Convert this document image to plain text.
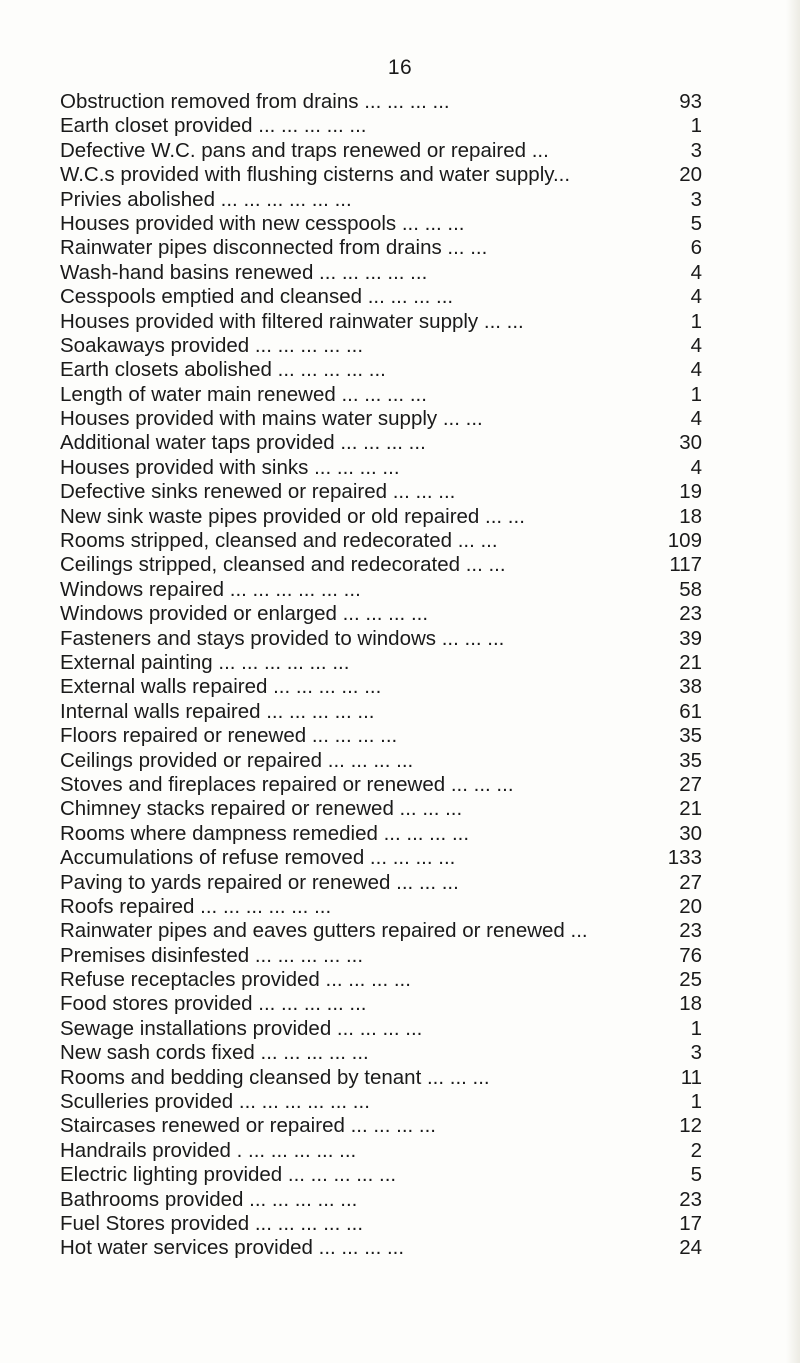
16
Obstruction removed from drains ... ... ... ...	93
Earth closet provided ... ... ... ... ...	1
Defective W.C. pans and traps renewed or repaired ...	3
W.C.s provided with flushing cisterns and water supply...	20
Privies abolished ... ... ... ... ... ...	3
Houses provided with new cesspools ... ... ...	5
Rainwater pipes disconnected from drains ... ...	6
Wash-hand basins renewed ... ... ... ... ...	4
Cesspools emptied and cleansed ... ... ... ...	4
Houses provided with filtered rainwater supply ... ...	1
Soakaways provided ... ... ... ... ...	4
Earth closets abolished ... ... ... ... ...	4
Length of water main renewed ... ... ... ...	1
Houses provided with mains water supply ... ...	4
Additional water taps provided ... ... ... ...	30
Houses provided with sinks ... ... ... ...	4
Defective sinks renewed or repaired ... ... ...	19
New sink waste pipes provided or old repaired ... ...	18
Rooms stripped, cleansed and redecorated ... ...	109
Ceilings stripped, cleansed and redecorated ... ...	117
Windows repaired ... ... ... ... ... ...	58
Windows provided or enlarged ... ... ... ...	23
Fasteners and stays provided to windows ... ... ...	39
External painting ... ... ... ... ... ...	21
External walls repaired ... ... ... ... ...	38
Internal walls repaired ... ... ... ... ...	61
Floors repaired or renewed ... ... ... ...	35
Ceilings provided or repaired ... ... ... ...	35
Stoves and fireplaces repaired or renewed ... ... ...	27
Chimney stacks repaired or renewed ... ... ...	21
Rooms where dampness remedied ... ... ... ...	30
Accumulations of refuse removed ... ... ... ...	133
Paving to yards repaired or renewed ... ... ...	27
Roofs repaired ... ... ... ... ... ...	20
Rainwater pipes and eaves gutters repaired or renewed ...	23
Premises disinfested ... ... ... ... ...	76
Refuse receptacles provided ... ... ... ...	25
Food stores provided ... ... ... ... ...	18
Sewage installations provided ... ... ... ...	1
New sash cords fixed ... ... ... ... ...	3
Rooms and bedding cleansed by tenant ... ... ...	11
Sculleries provided ... ... ... ... ... ...	1
Staircases renewed or repaired ... ... ... ...	12
Handrails provided . ... ... ... ... ...	2
Electric lighting provided ... ... ... ... ...	5
Bathrooms provided ... ... ... ... ...	23
Fuel Stores provided ... ... ... ... ...	17
Hot water services provided ... ... ... ...	24
